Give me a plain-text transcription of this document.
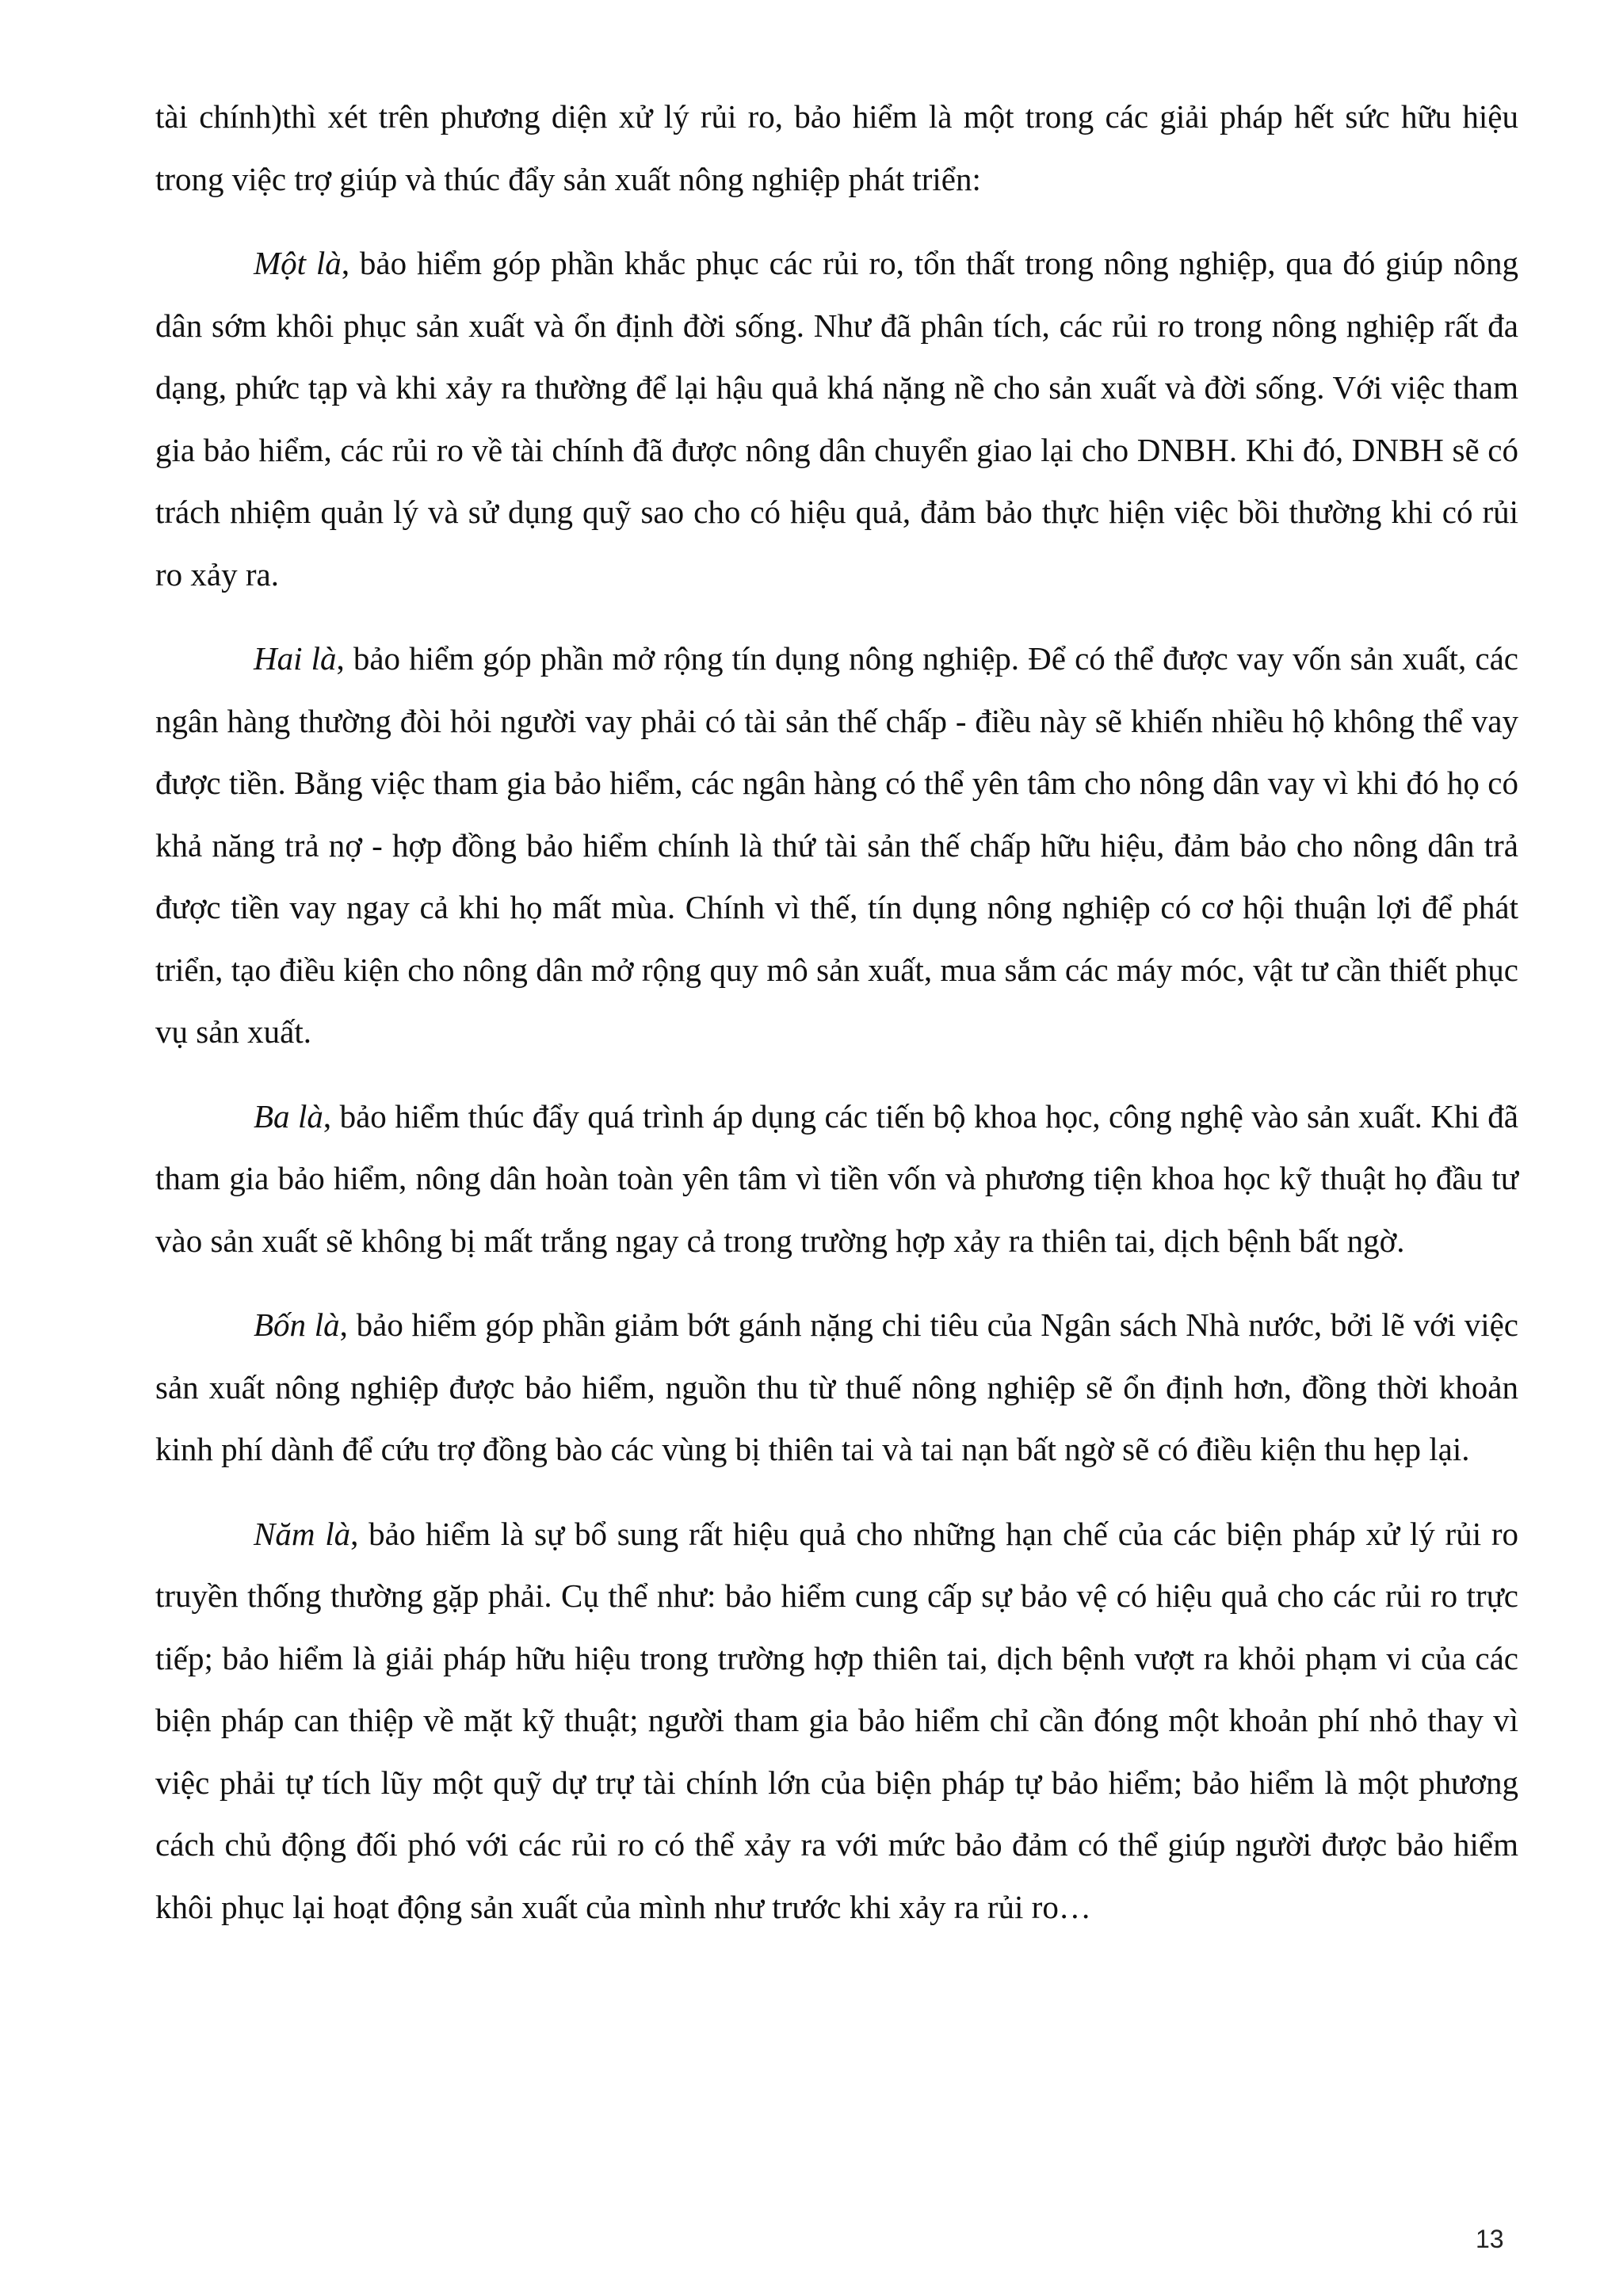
tài chính)thì xét trên phương diện xử lý rủi ro, bảo hiểm là một trong các giải pháp hết sức hữu hiệu trong việc trợ giúp và thúc đẩy sản xuất nông nghiệp phát triển:

Một là, bảo hiểm góp phần khắc phục các rủi ro, tổn thất trong nông nghiệp, qua đó giúp nông dân sớm khôi phục sản xuất và ổn định đời sống. Như đã phân tích, các rủi ro trong nông nghiệp rất đa dạng, phức tạp và khi xảy ra thường để lại hậu quả khá nặng nề cho sản xuất và đời sống. Với việc tham gia bảo hiểm, các rủi ro về tài chính đã được nông dân chuyển giao lại cho DNBH. Khi đó, DNBH sẽ có trách nhiệm quản lý và sử dụng quỹ sao cho có hiệu quả, đảm bảo thực hiện việc bồi thường khi có rủi ro xảy ra.

Hai là, bảo hiểm góp phần mở rộng tín dụng nông nghiệp. Để có thể được vay vốn sản xuất, các ngân hàng thường đòi hỏi người vay phải có tài sản thế chấp - điều này sẽ khiến nhiều hộ không thể vay được tiền. Bằng việc tham gia bảo hiểm, các ngân hàng có thể yên tâm cho nông dân vay vì khi đó họ có khả năng trả nợ - hợp đồng bảo hiểm chính là thứ tài sản thế chấp hữu hiệu, đảm bảo cho nông dân trả được tiền vay ngay cả khi họ mất mùa. Chính vì thế, tín dụng nông nghiệp có cơ hội thuận lợi để phát triển, tạo điều kiện cho nông dân mở rộng quy mô sản xuất, mua sắm các máy móc, vật tư cần thiết phục vụ sản xuất.

Ba là, bảo hiểm thúc đẩy quá trình áp dụng các tiến bộ khoa học, công nghệ vào sản xuất. Khi đã tham gia bảo hiểm, nông dân hoàn toàn yên tâm vì tiền vốn và phương tiện khoa học kỹ thuật họ đầu tư vào sản xuất sẽ không bị mất trắng ngay cả trong trường hợp xảy ra thiên tai, dịch bệnh bất ngờ.

Bốn là, bảo hiểm góp phần giảm bớt gánh nặng chi tiêu của Ngân sách Nhà nước, bởi lẽ với việc sản xuất nông nghiệp được bảo hiểm, nguồn thu từ thuế nông nghiệp sẽ ổn định hơn, đồng thời khoản kinh phí dành để cứu trợ đồng bào các vùng bị thiên tai và tai nạn bất ngờ sẽ có điều kiện thu hẹp lại.

Năm là, bảo hiểm là sự bổ sung rất hiệu quả cho những hạn chế của các biện pháp xử lý rủi ro truyền thống thường gặp phải. Cụ thể như: bảo hiểm cung cấp sự bảo vệ có hiệu quả cho các rủi ro trực tiếp; bảo hiểm là giải pháp hữu hiệu trong trường hợp thiên tai, dịch bệnh vượt ra khỏi phạm vi của các biện pháp can thiệp về mặt kỹ thuật; người tham gia bảo hiểm chỉ cần đóng một khoản phí nhỏ thay vì việc phải tự tích lũy một quỹ dự trự tài chính lớn của biện pháp tự bảo hiểm; bảo hiểm là một phương cách chủ động đối phó với các rủi ro có thể xảy ra với mức bảo đảm có thể giúp người được bảo hiểm khôi phục lại hoạt động sản xuất của mình như trước khi xảy ra rủi ro…

13
